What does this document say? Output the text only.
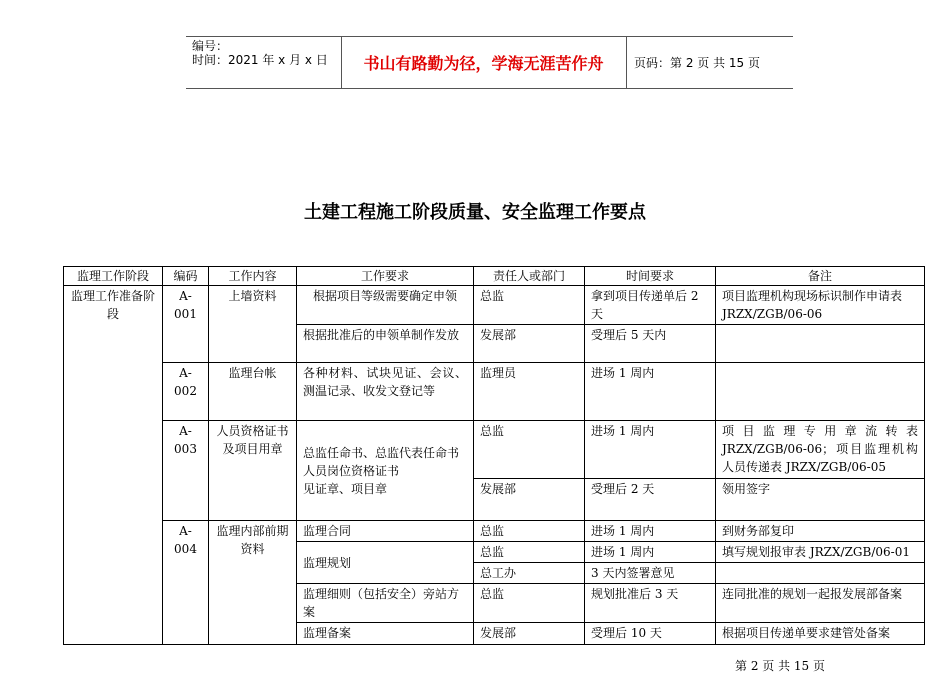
编号：
时间：2021 年 x 月 x 日	书山有路勤为径，学海无涯苦作舟	页码：第 2 页 共 15 页
土建工程施工阶段质量、安全监理工作要点
监理工作阶段	编码	工作内容	工作要求	责任人或部门	时间要求	备注
监理工作准备阶段	A-001	上墙资料	根据项目等级需要确定申领	总监	拿到项目传递单后 2 天	项目监理机构现场标识制作申请表 JRZX/ZGB/06-06
			根据批准后的申领单制作发放	发展部	受理后 5 天内	
	A-002	监理台帐	各种材料、试块见证、会议、测温记录、收发文登记等	监理员	进场 1 周内	
	A-003	人员资格证书及项目用章	总监任命书、总监代表任命书
人员岗位资格证书
见证章、项目章	总监	进场 1 周内	项目监理专用章流转表 JRZX/ZGB/06-06；项目监理机构人员传递表 JRZX/ZGB/06-05
				发展部	受理后 2 天	领用签字
	A-004	监理内部前期资料	监理合同	总监	进场 1 周内	到财务部复印
			监理规划	总监	进场 1 周内	填写规划报审表 JRZX/ZGB/06-01
				总工办	3 天内签署意见	
			监理细则（包括安全）旁站方案	总监	规划批准后 3 天	连同批准的规划一起报发展部备案
			监理备案	发展部	受理后 10 天	根据项目传递单要求建管处备案
第 2 页 共 15 页
